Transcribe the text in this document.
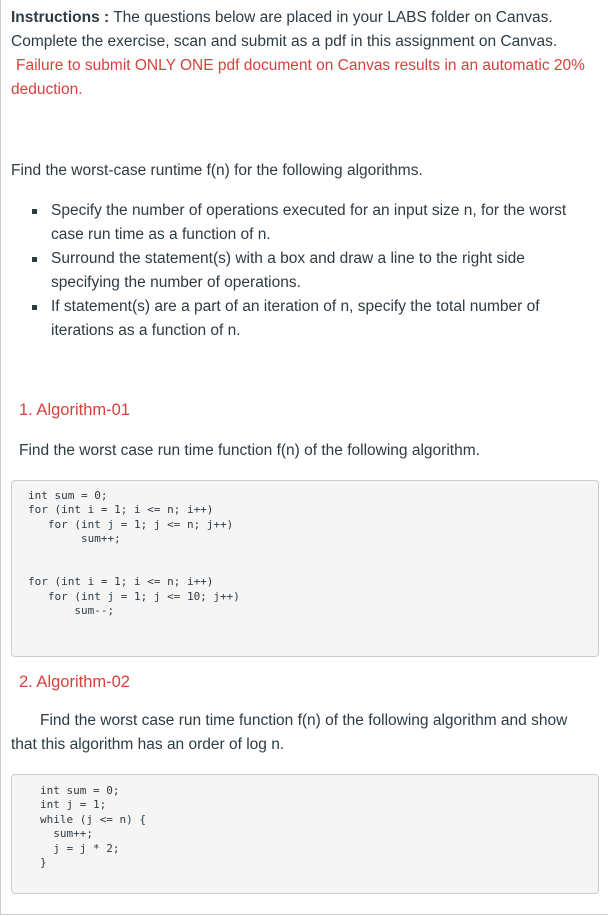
Instructions : The questions below are placed in your LABS folder on Canvas. Complete the exercise, scan and submit as a pdf in this assignment on Canvas.
Failure to submit ONLY ONE pdf document on Canvas results in an automatic 20% deduction.

Find the worst-case runtime f(n) for the following algorithms.

Specify the number of operations executed for an input size n, for the worst case run time as a function of n.
Surround the statement(s) with a box and draw a line to the right side specifying the number of operations.
If statement(s) are a part of an iteration of n, specify the total number of iterations as a function of n.
1. Algorithm-01

Find the worst case run time function f(n) of the following algorithm.

int sum = 0;
for (int i = 1; i <= n; i++)
for (int j = 1; j <= n; j++)
sum++;
for (int i = 1; i <= n; i++)
for (int j = 1; j <= 10; j++)
sum--;
2. Algorithm-02

Find the worst case run time function f(n) of the following algorithm and show
that this algorithm has an order of log n.

int sum = 0;
int j = 1;
while (j <= n) {
sum++;
j = j * 2;
}
